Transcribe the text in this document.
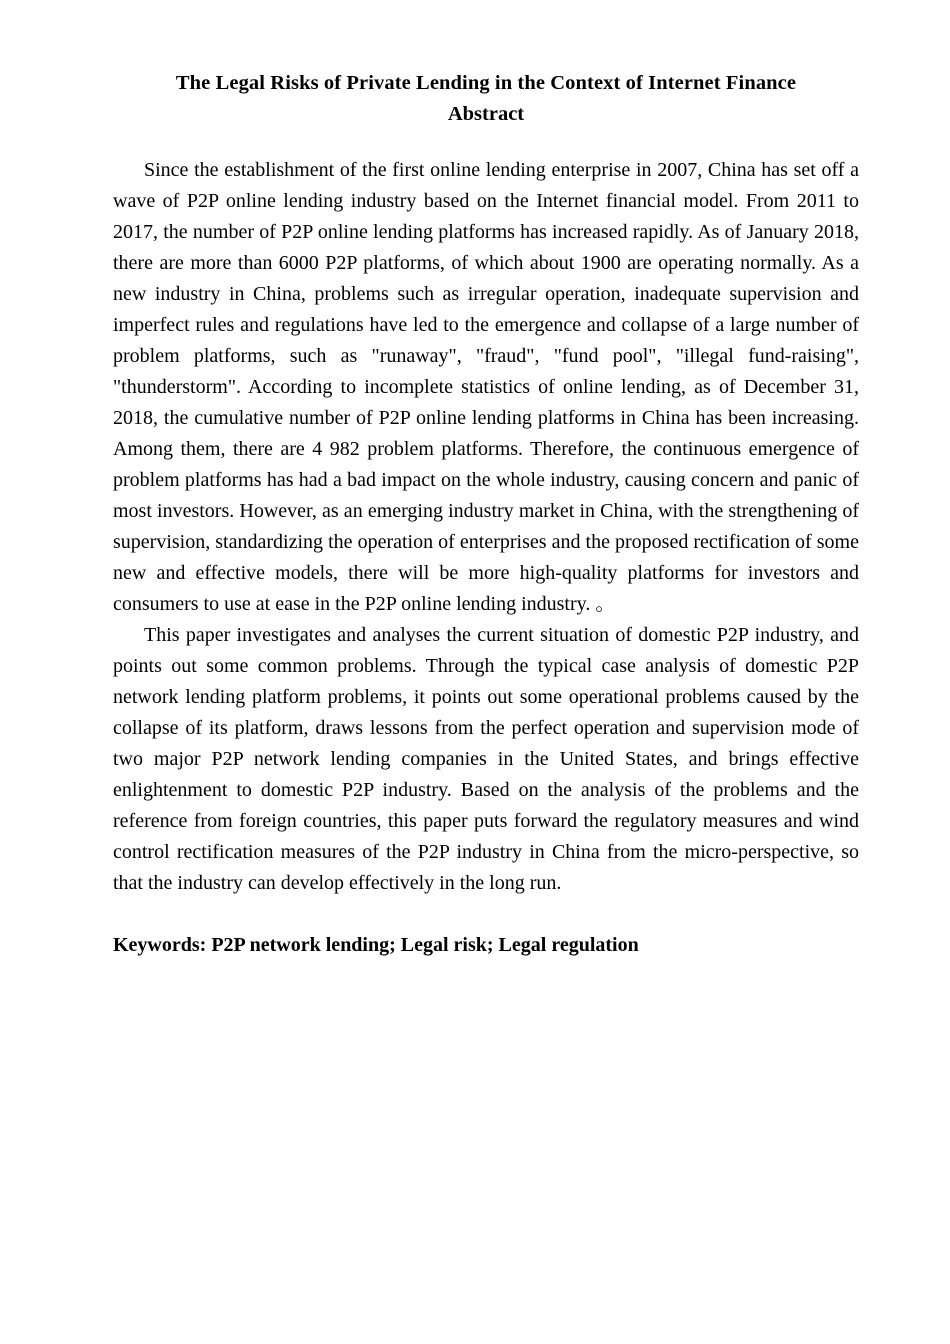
The Legal Risks of Private Lending in the Context of Internet Finance
Abstract

Since the establishment of the first online lending enterprise in 2007, China has set off a wave of P2P online lending industry based on the Internet financial model. From 2011 to 2017, the number of P2P online lending platforms has increased rapidly. As of January 2018, there are more than 6000 P2P platforms, of which about 1900 are operating normally. As a new industry in China, problems such as irregular operation, inadequate supervision and imperfect rules and regulations have led to the emergence and collapse of a large number of problem platforms, such as "runaway", "fraud", "fund pool", "illegal fund-raising", "thunderstorm". According to incomplete statistics of online lending, as of December 31, 2018, the cumulative number of P2P online lending platforms in China has been increasing. Among them, there are 4 982 problem platforms. Therefore, the continuous emergence of problem platforms has had a bad impact on the whole industry, causing concern and panic of most investors. However, as an emerging industry market in China, with the strengthening of supervision, standardizing the operation of enterprises and the proposed rectification of some new and effective models, there will be more high-quality platforms for investors and consumers to use at ease in the P2P online lending industry. 。

This paper investigates and analyses the current situation of domestic P2P industry, and points out some common problems. Through the typical case analysis of domestic P2P network lending platform problems, it points out some operational problems caused by the collapse of its platform, draws lessons from the perfect operation and supervision mode of two major P2P network lending companies in the United States, and brings effective enlightenment to domestic P2P industry. Based on the analysis of the problems and the reference from foreign countries, this paper puts forward the regulatory measures and wind control rectification measures of the P2P industry in China from the micro-perspective, so that the industry can develop effectively in the long run.

Keywords: P2P network lending; Legal risk; Legal regulation
